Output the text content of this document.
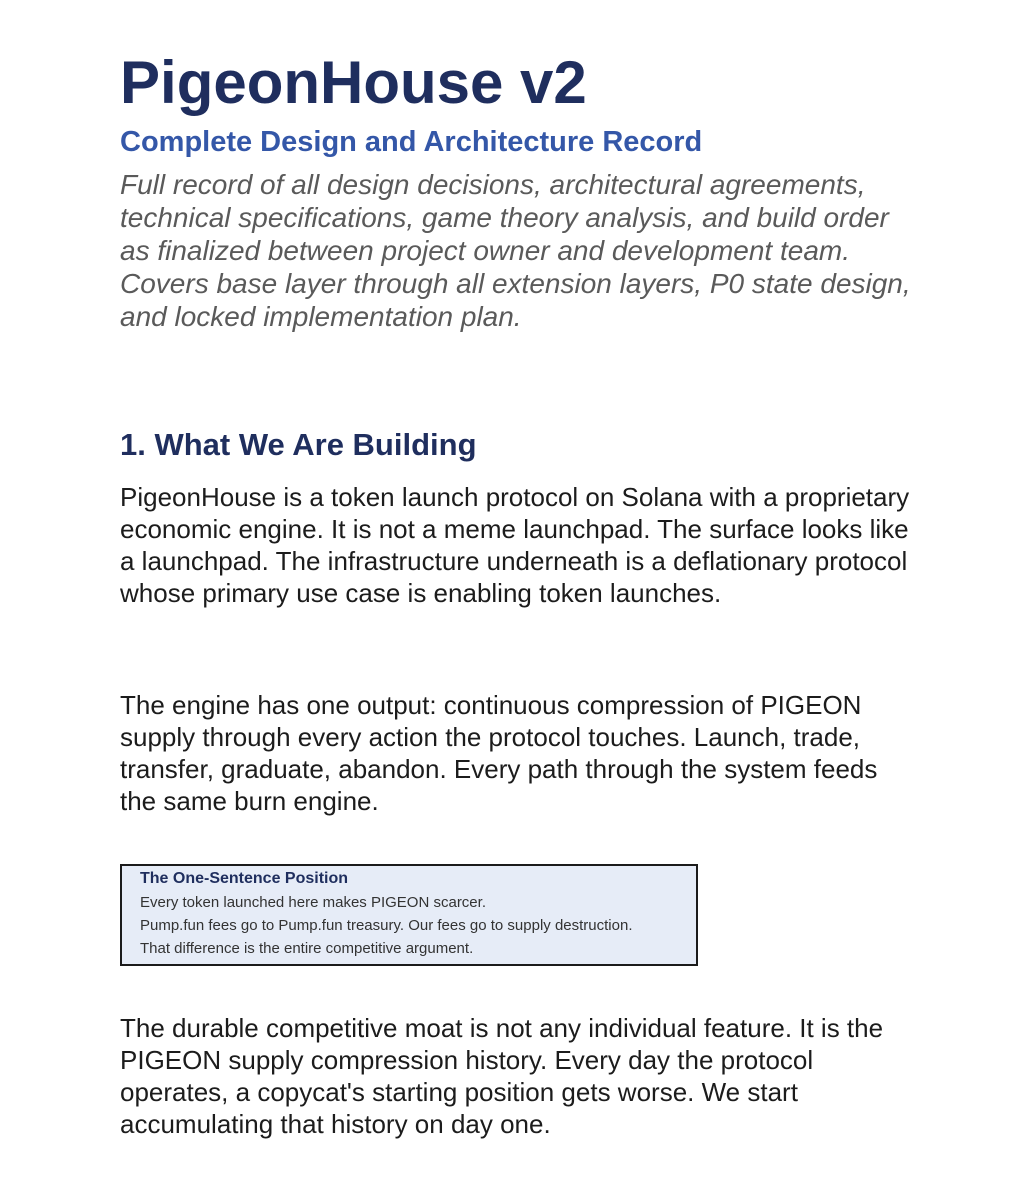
PigeonHouse v2
Complete Design and Architecture Record

Full record of all design decisions, architectural agreements, technical specifications, game theory analysis, and build order as finalized between project owner and development team. Covers base layer through all extension layers, P0 state design, and locked implementation plan.

1. What We Are Building

PigeonHouse is a token launch protocol on Solana with a proprietary economic engine. It is not a meme launchpad. The surface looks like a launchpad. The infrastructure underneath is a deflationary protocol whose primary use case is enabling token launches.

The engine has one output: continuous compression of PIGEON supply through every action the protocol touches. Launch, trade, transfer, graduate, abandon. Every path through the system feeds the same burn engine.

The One-Sentence Position

Every token launched here makes PIGEON scarcer.

Pump.fun fees go to Pump.fun treasury. Our fees go to supply destruction.

That difference is the entire competitive argument.

The durable competitive moat is not any individual feature. It is the PIGEON supply compression history. Every day the protocol operates, a copycat's starting position gets worse. We start accumulating that history on day one.
